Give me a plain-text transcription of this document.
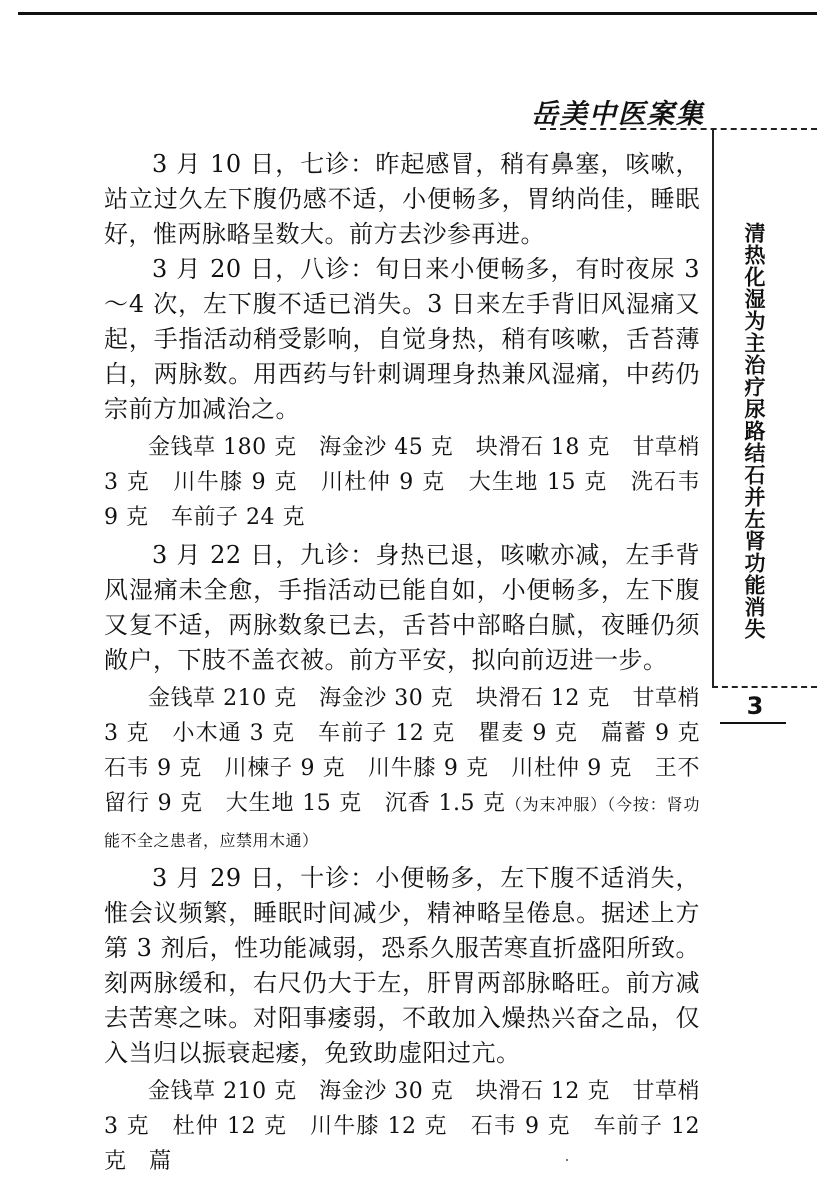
岳美中医案集
清热化湿为主治疗尿路结石并左肾功能消失
3

3 月 10 日，七诊：昨起感冒，稍有鼻塞，咳嗽，站立过久左下腹仍感不适，小便畅多，胃纳尚佳，睡眠好，惟两脉略呈数大。前方去沙参再进。

3 月 20 日，八诊：旬日来小便畅多，有时夜尿 3～4 次，左下腹不适已消失。3 日来左手背旧风湿痛又起，手指活动稍受影响，自觉身热，稍有咳嗽，舌苔薄白，两脉数。用西药与针刺调理身热兼风湿痛，中药仍宗前方加减治之。

金钱草 180 克　海金沙 45 克　块滑石 18 克　甘草梢 3 克　川牛膝 9 克　川杜仲 9 克　大生地 15 克　洗石韦 9 克　车前子 24 克

3 月 22 日，九诊：身热已退，咳嗽亦减，左手背风湿痛未全愈，手指活动已能自如，小便畅多，左下腹又复不适，两脉数象已去，舌苔中部略白腻，夜睡仍须敞户，下肢不盖衣被。前方平安，拟向前迈进一步。

金钱草 210 克　海金沙 30 克　块滑石 12 克　甘草梢 3 克　小木通 3 克　车前子 12 克　瞿麦 9 克　萹蓄 9 克　石韦 9 克　川楝子 9 克　川牛膝 9 克　川杜仲 9 克　王不留行 9 克　大生地 15 克　沉香 1.5 克（为末冲服）（今按：肾功能不全之患者，应禁用木通）

3 月 29 日，十诊：小便畅多，左下腹不适消失，惟会议频繁，睡眠时间减少，精神略呈倦息。据述上方第 3 剂后，性功能减弱，恐系久服苦寒直折盛阳所致。刻两脉缓和，右尺仍大于左，肝胃两部脉略旺。前方减去苦寒之味。对阳事痿弱，不敢加入燥热兴奋之品，仅入当归以振衰起痿，免致助虚阳过亢。

金钱草 210 克　海金沙 30 克　块滑石 12 克　甘草梢 3 克　杜仲 12 克　川牛膝 12 克　石韦 9 克　车前子 12 克　萹
